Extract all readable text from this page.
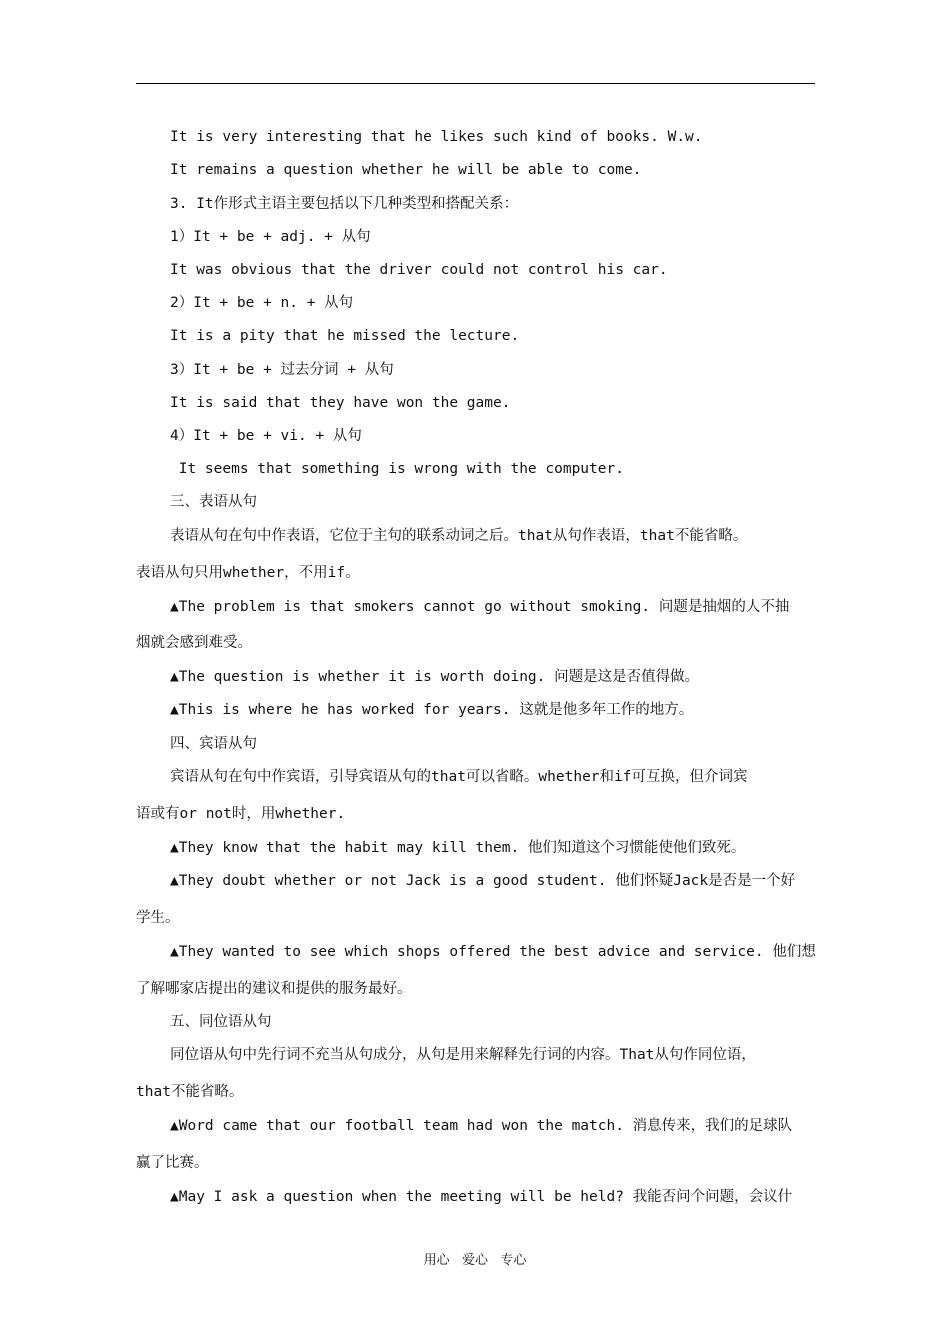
It is very interesting that he likes such kind of books. W.w.
It remains a question whether he will be able to come.
3. It作形式主语主要包括以下几种类型和搭配关系：
1）It + be + adj. + 从句
It was obvious that the driver could not control his car.
2）It + be + n. + 从句
It is a pity that he missed the lecture.
3）It + be + 过去分词 + 从句
It is said that they have won the game.
4）It + be + vi. + 从句
It seems that something is wrong with the computer.
三、表语从句
表语从句在句中作表语，它位于主句的联系动词之后。that从句作表语，that不能省略。
表语从句只用whether，不用if。
▲The problem is that smokers cannot go without smoking. 问题是抽烟的人不抽
烟就会感到难受。
▲The question is whether it is worth doing. 问题是这是否值得做。
▲This is where he has worked for years. 这就是他多年工作的地方。
四、宾语从句
宾语从句在句中作宾语，引导宾语从句的that可以省略。whether和if可互换，但介词宾
语或有or not时，用whether.
▲They know that the habit may kill them. 他们知道这个习惯能使他们致死。
▲They doubt whether or not Jack is a good student. 他们怀疑Jack是否是一个好
学生。
▲They wanted to see which shops offered the best advice and service. 他们想
了解哪家店提出的建议和提供的服务最好。
五、同位语从句
同位语从句中先行词不充当从句成分，从句是用来解释先行词的内容。That从句作同位语，
that不能省略。
▲Word came that our football team had won the match. 消息传来，我们的足球队
赢了比赛。
▲May I ask a question when the meeting will be held? 我能否问个问题，会议什
用心   爱心   专心
